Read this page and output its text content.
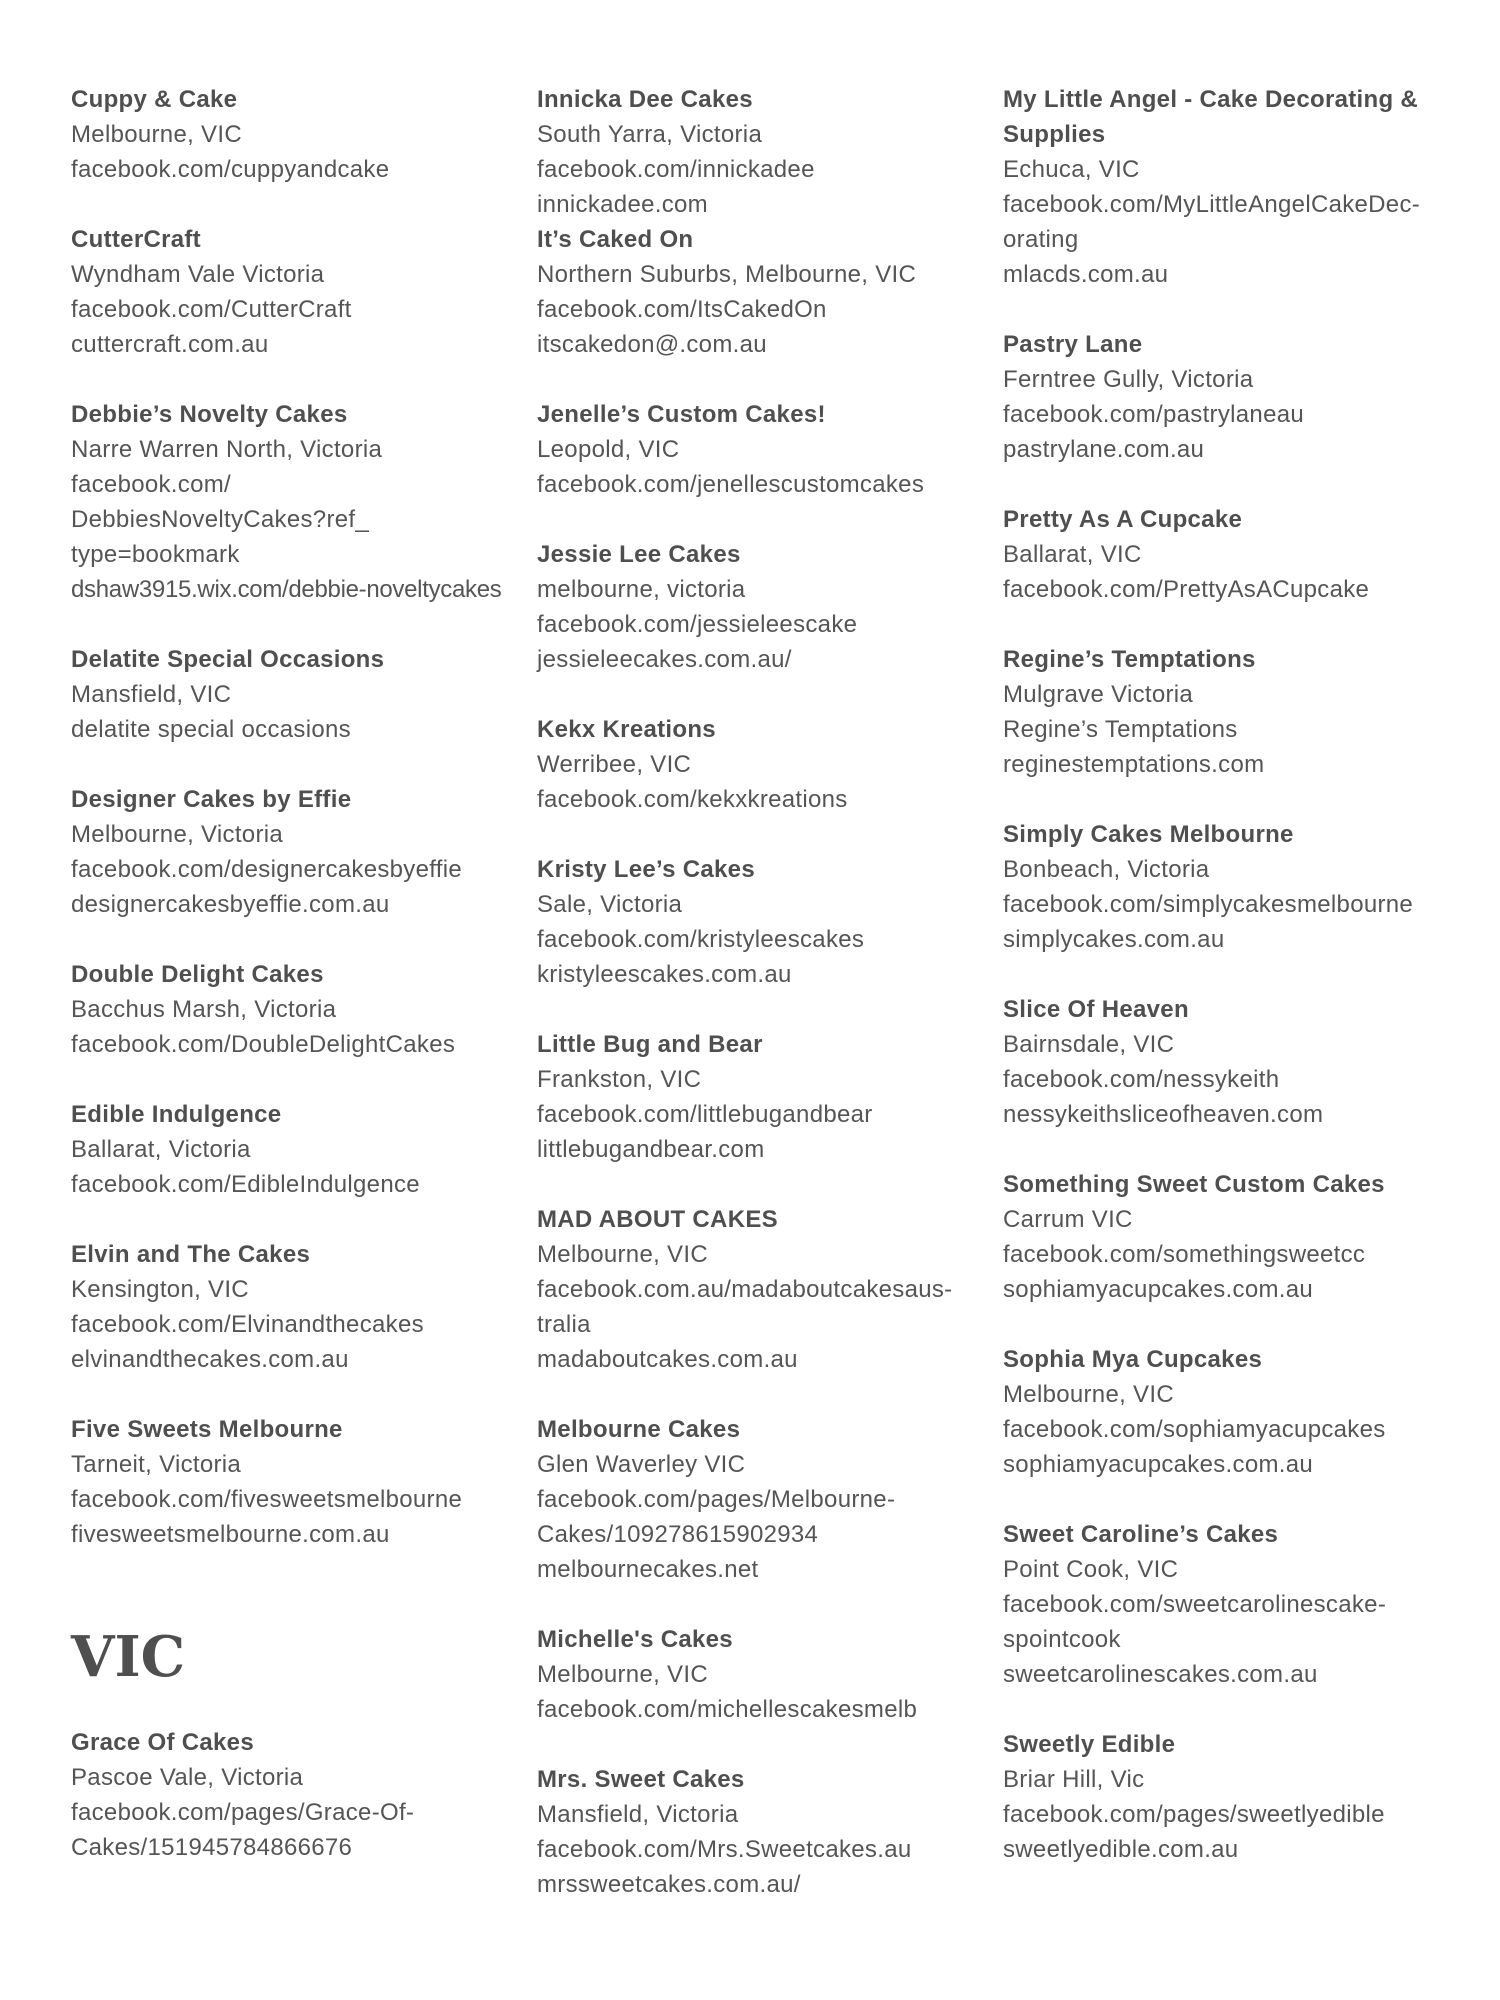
Cuppy & Cake
Melbourne, VIC
facebook.com/cuppyandcake
CutterCraft
Wyndham Vale Victoria
facebook.com/CutterCraft
cuttercraft.com.au
Debbie’s Novelty Cakes
Narre Warren North, Victoria
facebook.com/
DebbiesNoveltyCakes?ref_
type=bookmark
dshaw3915.wix.com/debbie-noveltycakes
Delatite Special Occasions
Mansfield, VIC
delatite special occasions
Designer Cakes by Effie
Melbourne, Victoria
facebook.com/designercakesbyeffie
designercakesbyeffie.com.au
Double Delight Cakes
Bacchus Marsh, Victoria
facebook.com/DoubleDelightCakes
Edible Indulgence
Ballarat, Victoria
facebook.com/EdibleIndulgence
Elvin and The Cakes
Kensington, VIC
facebook.com/Elvinandthecakes
elvinandthecakes.com.au
Five Sweets Melbourne
Tarneit, Victoria
facebook.com/fivesweetsmelbourne
fivesweetsmelbourne.com.au
VIC
Grace Of Cakes
Pascoe Vale, Victoria
facebook.com/pages/Grace-Of-
Cakes/151945784866676
Innicka Dee Cakes
South Yarra, Victoria
facebook.com/innickadee
innickadee.com
It’s Caked On
Northern Suburbs, Melbourne, VIC
facebook.com/ItsCakedOn
itscakedon@.com.au
Jenelle’s Custom Cakes!
Leopold, VIC
facebook.com/jenellescustomcakes
Jessie Lee Cakes
melbourne, victoria
facebook.com/jessieleescake
jessieleecakes.com.au/
Kekx Kreations
Werribee, VIC
facebook.com/kekxkreations
Kristy Lee’s Cakes
Sale, Victoria
facebook.com/kristyleescakes
kristyleescakes.com.au
Little Bug and Bear
Frankston, VIC
facebook.com/littlebugandbear
littlebugandbear.com
MAD ABOUT CAKES
Melbourne, VIC
facebook.com.au/madaboutcakesaus-
tralia
madaboutcakes.com.au
Melbourne Cakes
Glen Waverley VIC
facebook.com/pages/Melbourne-
Cakes/109278615902934
melbournecakes.net
Michelle's Cakes
Melbourne, VIC
facebook.com/michellescakesmelb
Mrs. Sweet Cakes
Mansfield, Victoria
facebook.com/Mrs.Sweetcakes.au
mrssweetcakes.com.au/
My Little Angel - Cake Decorating &
Supplies
Echuca, VIC
facebook.com/MyLittleAngelCakeDec-
orating
mlacds.com.au
Pastry Lane
Ferntree Gully, Victoria
facebook.com/pastrylaneau
pastrylane.com.au
Pretty As A Cupcake
Ballarat, VIC
facebook.com/PrettyAsACupcake
Regine’s Temptations
Mulgrave Victoria
Regine’s Temptations
reginestemptations.com
Simply Cakes Melbourne
Bonbeach, Victoria
facebook.com/simplycakesmelbourne
simplycakes.com.au
Slice Of Heaven
Bairnsdale, VIC
facebook.com/nessykeith
nessykeithsliceofheaven.com
Something Sweet Custom Cakes
Carrum VIC
facebook.com/somethingsweetcc
sophiamyacupcakes.com.au
Sophia Mya Cupcakes
Melbourne, VIC
facebook.com/sophiamyacupcakes
sophiamyacupcakes.com.au
Sweet Caroline’s Cakes
Point Cook, VIC
facebook.com/sweetcarolinescake-
spointcook
sweetcarolinescakes.com.au
Sweetly Edible
Briar Hill, Vic
facebook.com/pages/sweetlyedible
sweetlyedible.com.au
